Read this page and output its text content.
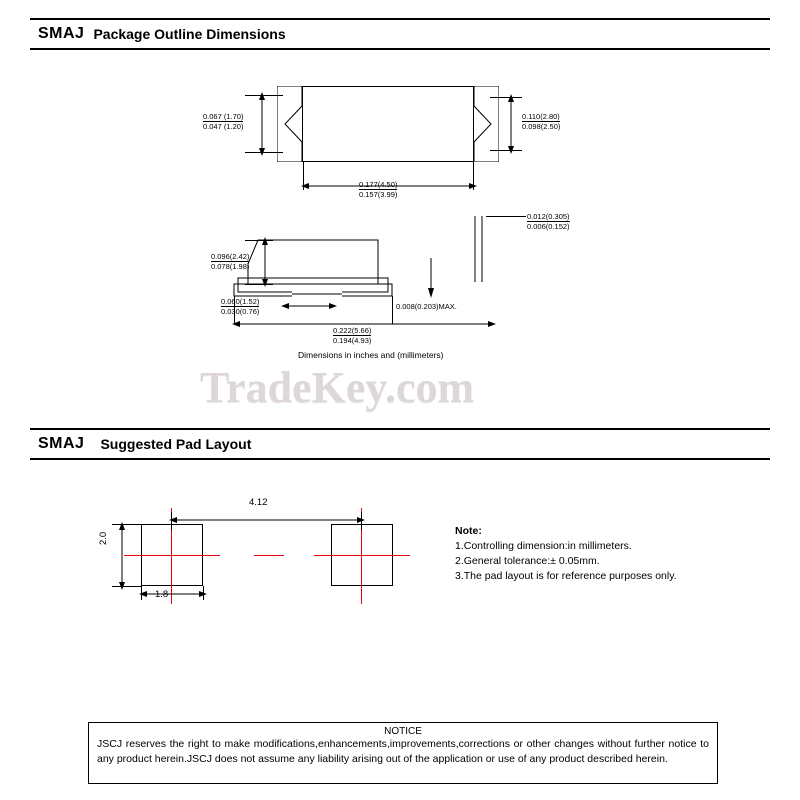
SMAJ Package Outline Dimensions
0.067 (1.70)
0.047 (1.20)
0.110(2.80)
0.098(2.50)
0.177(4.50)
0.157(3.99)
0.012(0.305)
0.006(0.152)
0.096(2.42)
0.078(1.98)
0.060(1.52)
0.030(0.76)
0.008(0.203)MAX.
0.222(5.66)
0.194(4.93)
Dimensions in inches and (millimeters)
TradeKey.com
SMAJ Suggested Pad Layout
4.12
2.0
1.8
Note:
1.Controlling dimension:in millimeters.
2.General tolerance:± 0.05mm.
3.The pad layout is for reference purposes only.
NOTICE
JSCJ reserves the right to make modifications,enhancements,improvements,corrections or other changes without further notice to any product herein.JSCJ does not assume any liability arising out of the application or use of any product described herein.
